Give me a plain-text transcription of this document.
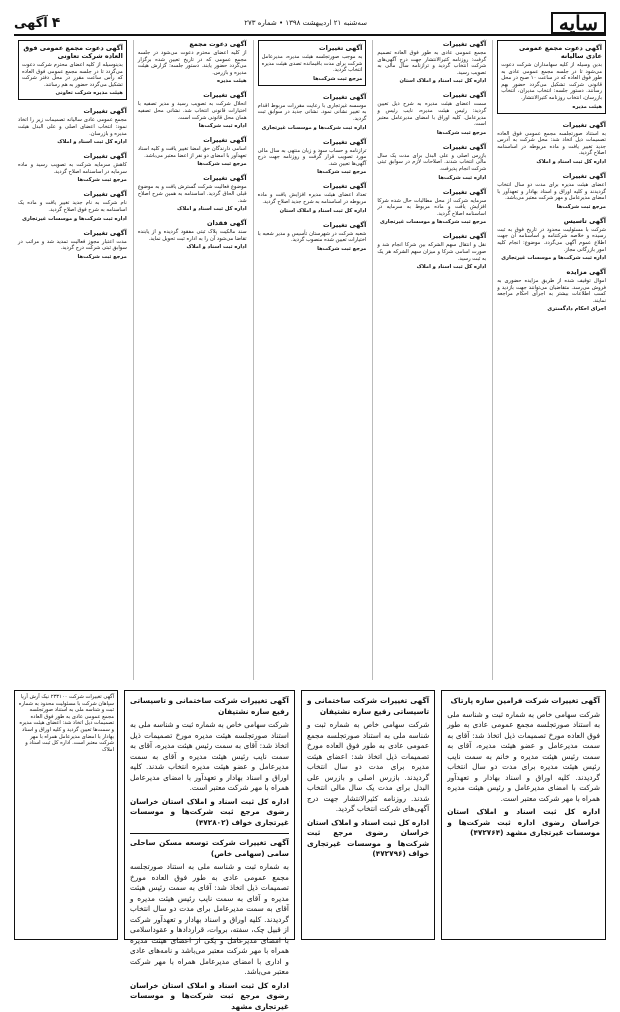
سایه
سه‌شنبه ۲۱ اردیبهشت ۱۳۹۸ • شماره ۲۷۳
۴
آگهی
آگهی دعوت مجمع عمومی عادی سالیانه

بدین وسیله از کلیه سهامداران شرکت دعوت می‌شود تا در جلسه مجمع عمومی عادی به طور فوق العاده که در ساعت ۱۰ صبح در محل قانونی شرکت تشکیل می‌گردد حضور بهم رسانند. دستور جلسه: انتخاب مدیران، انتخاب بازرسان، انتخاب روزنامه کثیرالانتشار.

هیئت مدیره
آگهی تغییرات

به استناد صورتجلسه مجمع عمومی فوق العاده تصمیمات ذیل اتخاذ شد: محل شرکت به آدرس جدید تغییر یافت و ماده مربوطه در اساسنامه اصلاح گردید.

اداره کل ثبت اسناد و املاک
آگهی تغییرات

اعضای هیئت مدیره برای مدت دو سال انتخاب گردیدند و کلیه اوراق و اسناد بهادار و تعهدآور با امضای مدیرعامل و مهر شرکت معتبر می‌باشد.

مرجع ثبت شرکت‌ها
آگهی تاسیس

شرکت با مسئولیت محدود در تاریخ فوق به ثبت رسیده و خلاصه شرکتنامه و اساسنامه آن جهت اطلاع عموم آگهی می‌گردد. موضوع: انجام کلیه امور بازرگانی مجاز.

اداره ثبت شرکت‌ها و موسسات غیرتجاری
آگهی مزایده

اموال توقیف شده از طریق مزایده حضوری به فروش می‌رسد. متقاضیان می‌توانند جهت بازدید و کسب اطلاعات بیشتر به اجرای احکام مراجعه نمایند.

اجرای احکام دادگستری
آگهی تغییرات

مجمع عمومی عادی به طور فوق العاده تصمیم گرفت: روزنامه کثیرالانتشار جهت درج آگهی‌های شرکت انتخاب گردید و ترازنامه سال مالی به تصویب رسید.

اداره کل ثبت اسناد و املاک استان
آگهی تغییرات

سمت اعضای هیئت مدیره به شرح ذیل تعیین گردید: رئیس هیئت مدیره، نایب رئیس و مدیرعامل. کلیه اوراق با امضای مدیرعامل معتبر است.

مرجع ثبت شرکت‌ها
آگهی تغییرات

بازرس اصلی و علی البدل برای مدت یک سال مالی انتخاب شدند. اصلاحات لازم در سوابق ثبتی شرکت انجام پذیرفت.

اداره ثبت شرکت‌ها
آگهی تغییرات

سرمایه شرکت از محل مطالبات حال شده شرکا افزایش یافت و ماده مربوط به سرمایه در اساسنامه اصلاح گردید.

مرجع ثبت شرکت‌ها و موسسات غیرتجاری
آگهی تغییرات

نقل و انتقال سهم الشرکه بین شرکا انجام شد و صورت اسامی شرکا و میزان سهم الشرکه هر یک به ثبت رسید.

اداره کل ثبت اسناد و املاک
آگهی تغییرات

به موجب صورتجلسه هیئت مدیره، مدیرعامل شرکت برای مدت باقیمانده تصدی هیئت مدیره انتخاب گردید.

مرجع ثبت شرکت‌ها
آگهی تغییرات

موسسه غیرتجاری با رعایت مقررات مربوط اقدام به تغییر نشانی نمود. نشانی جدید در سوابق ثبت گردید.

اداره ثبت شرکت‌ها و موسسات غیرتجاری
آگهی تغییرات

ترازنامه و حساب سود و زیان منتهی به سال مالی مورد تصویب قرار گرفت و روزنامه جهت درج آگهی‌ها تعیین شد.

مرجع ثبت شرکت‌ها
آگهی تغییرات

تعداد اعضای هیئت مدیره افزایش یافت و ماده مربوطه در اساسنامه به شرح جدید اصلاح گردید.

اداره کل ثبت اسناد و املاک استان
آگهی تغییرات

شعبه شرکت در شهرستان تأسیس و مدیر شعبه با اختیارات تعیین شده منصوب گردید.

مرجع ثبت شرکت‌ها
آگهی دعوت مجمع

از کلیه اعضای محترم دعوت می‌شود در جلسه مجمع عمومی که در تاریخ تعیین شده برگزار می‌گردد حضور یابند. دستور جلسه: گزارش هیئت مدیره و بازرس.

هیئت مدیره
آگهی تغییرات

انحلال شرکت به تصویب رسید و مدیر تصفیه با اختیارات قانونی انتخاب شد. نشانی محل تصفیه همان محل قانونی شرکت است.

اداره ثبت شرکت‌ها
آگهی تغییرات

اسامی دارندگان حق امضا تغییر یافت و کلیه اسناد تعهدآور با امضای دو نفر از اعضا معتبر می‌باشد.

مرجع ثبت شرکت‌ها
آگهی تغییرات

موضوع فعالیت شرکت گسترش یافت و به موضوع قبلی الحاق گردید. اساسنامه به همین شرح اصلاح شد.

اداره کل ثبت اسناد و املاک
آگهی فقدان

سند مالکیت پلاک ثبتی مفقود گردیده و از یابنده تقاضا می‌شود آن را به اداره ثبت تحویل نماید.

اداره ثبت اسناد و املاک
آگهی دعوت مجمع عمومی فوق العاده شرکت تعاونی

بدینوسیله از کلیه اعضای محترم شرکت دعوت می‌گردد تا در جلسه مجمع عمومی فوق العاده که رأس ساعت مقرر در محل دفتر شرکت تشکیل می‌گردد حضور به هم رسانند.

هیئت مدیره شرکت تعاونی
آگهی تغییرات

مجمع عمومی عادی سالیانه تصمیمات زیر را اتخاذ نمود: انتخاب اعضای اصلی و علی البدل هیئت مدیره و بازرسان.

اداره کل ثبت اسناد و املاک
آگهی تغییرات

کاهش سرمایه شرکت به تصویب رسید و ماده سرمایه در اساسنامه اصلاح گردید.

مرجع ثبت شرکت‌ها
آگهی تغییرات

نام شرکت به نام جدید تغییر یافت و ماده یک اساسنامه به شرح فوق اصلاح گردید.

اداره ثبت شرکت‌ها و موسسات غیرتجاری
آگهی تغییرات

مدت اعتبار مجوز فعالیت تمدید شد و مراتب در سوابق ثبتی شرکت درج گردید.

مرجع ثبت شرکت‌ها

آگهی تغییرات شرکت فرامین سازه پارتاک

شرکت سهامی خاص به شماره ثبت و شناسه ملی به استناد صورتجلسه مجمع عمومی عادی به طور فوق العاده مورخ تصمیمات ذیل اتخاذ شد: آقای به سمت مدیرعامل و عضو هیئت مدیره، آقای به سمت رئیس هیئت مدیره و خانم به سمت نایب رئیس هیئت مدیره برای مدت دو سال انتخاب گردیدند. کلیه اوراق و اسناد بهادار و تعهدآور شرکت با امضای مدیرعامل و رئیس هیئت مدیره همراه با مهر شرکت معتبر است.

اداره کل ثبت اسناد و املاک استان خراسان رضوی اداره ثبت شرکت‌ها و موسسات غیرتجاری مشهد (۴۷۲۷۶۴)

آگهی تغییرات شرکت ساختمانی و تاسیساتی رفیع سازه نشتیفان

شرکت سهامی خاص به شماره ثبت و شناسه ملی به استناد صورتجلسه مجمع عمومی عادی به طور فوق العاده مورخ تصمیمات ذیل اتخاذ شد: اعضای هیئت مدیره برای مدت دو سال انتخاب گردیدند. بازرس اصلی و بازرس علی البدل برای مدت یک سال مالی انتخاب شدند. روزنامه کثیرالانتشار جهت درج آگهی‌های شرکت انتخاب گردید.

اداره کل ثبت اسناد و املاک استان خراسان رضوی مرجع ثبت شرکت‌ها و موسسات غیرتجاری خواف (۴۷۲۷۹۶)

آگهی تغییرات شرکت ساختمانی و تاسیساتی رفیع سازه نشتیفان

شرکت سهامی خاص به شماره ثبت و شناسه ملی به استناد صورتجلسه هیئت مدیره مورخ تصمیمات ذیل اتخاذ شد: آقای به سمت رئیس هیئت مدیره، آقای به سمت نایب رئیس هیئت مدیره و آقای به سمت مدیرعامل و عضو هیئت مدیره انتخاب شدند. کلیه اوراق و اسناد بهادار و تعهدآور با امضای مدیرعامل همراه با مهر شرکت معتبر است.

اداره کل ثبت اسناد و املاک استان خراسان رضوی مرجع ثبت شرکت‌ها و موسسات غیرتجاری خواف (۴۷۲۸۰۲)

آگهی تغییرات شرکت توسعه مسکن ساحلی سامی (سهامی خاص)

به شماره ثبت و شناسه ملی به استناد صورتجلسه مجمع عمومی عادی به طور فوق العاده مورخ تصمیمات ذیل اتخاذ شد: آقای به سمت رئیس هیئت مدیره و آقای به سمت نایب رئیس هیئت مدیره و آقای به سمت مدیرعامل برای مدت دو سال انتخاب گردیدند. کلیه اوراق و اسناد بهادار و تعهدآور شرکت از قبیل چک، سفته، بروات، قراردادها و عقوداسلامی با امضای مدیرعامل و یکی از اعضای هیئت مدیره همراه با مهر شرکت معتبر می‌باشد و نامه‌های عادی و اداری با امضای مدیرعامل همراه با مهر شرکت معتبر می‌باشد.

اداره کل ثبت اسناد و املاک استان خراسان رضوی مرجع ثبت شرکت‌ها و موسسات غیرتجاری مشهد

آگهی تغییرات شرکت ۲۳۳۱۰۰ نیک آرش آریا سپاهان شرکت با مسئولیت محدود به شماره ثبت و شناسه ملی به استناد صورتجلسه مجمع عمومی عادی به طور فوق العاده تصمیمات ذیل اتخاذ شد: اعضای هیئت مدیره و سمت‌ها تعیین گردید و کلیه اوراق و اسناد بهادار با امضای مدیرعامل همراه با مهر شرکت معتبر است. اداره کل ثبت اسناد و املاک
